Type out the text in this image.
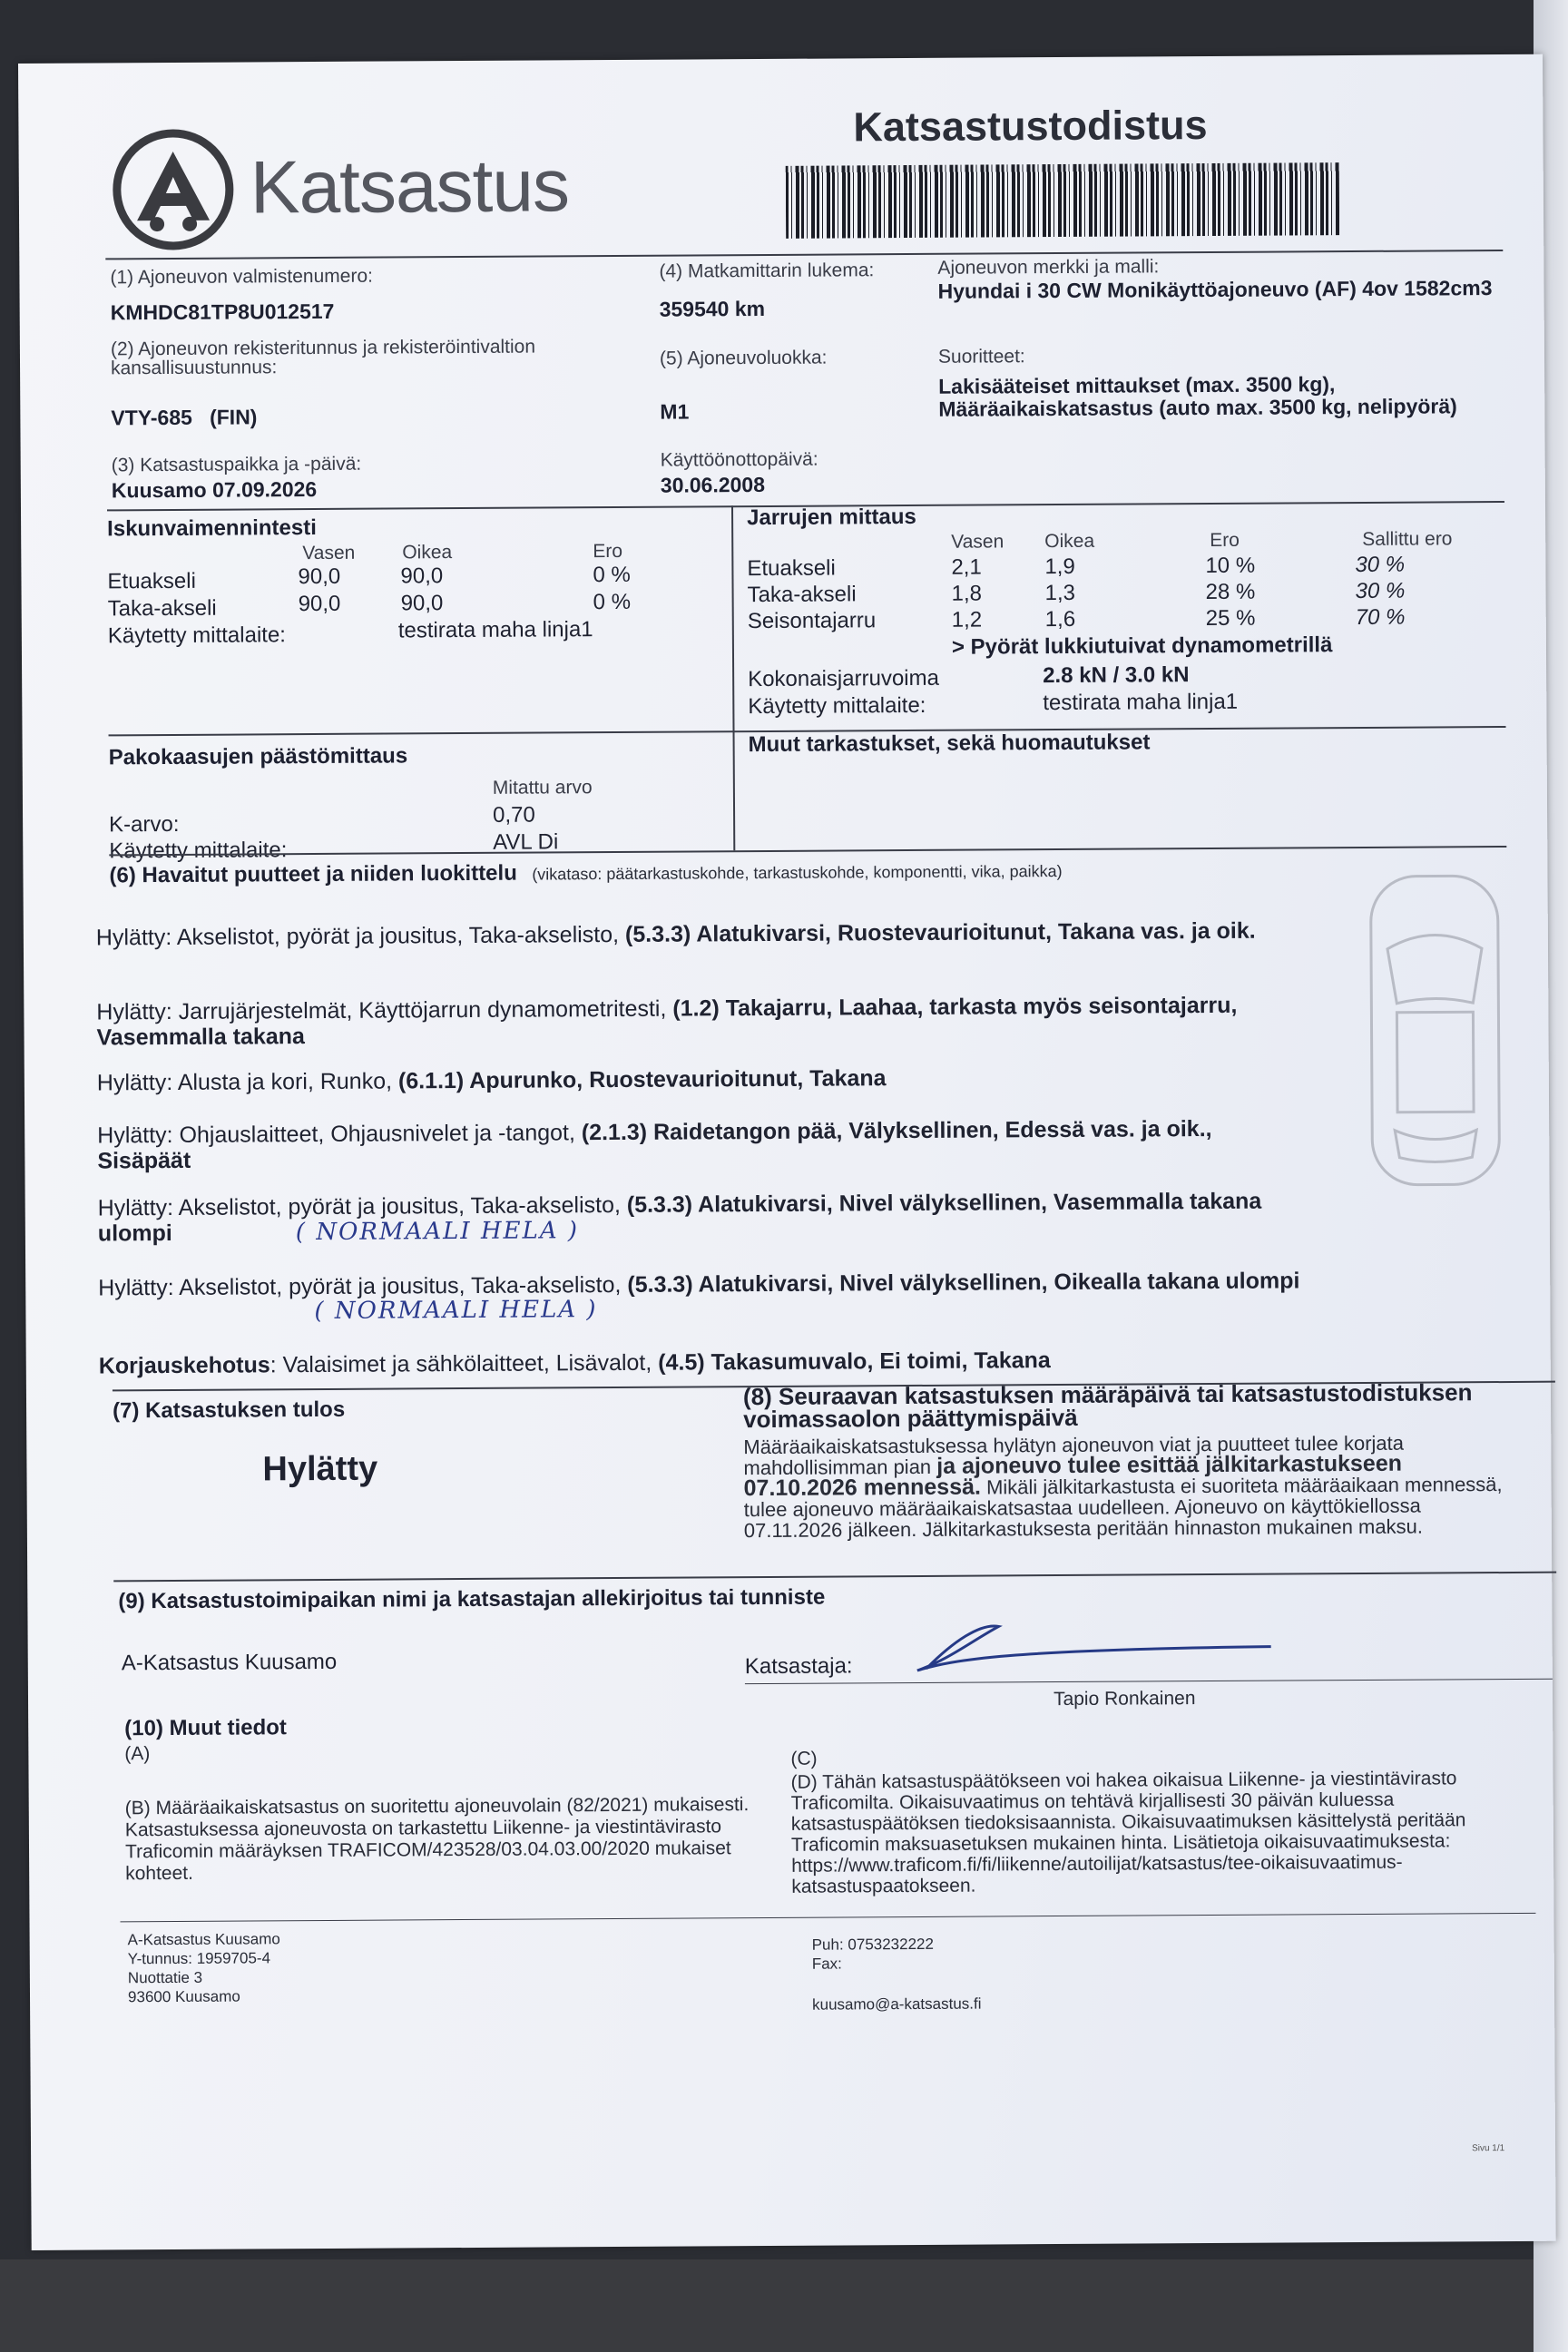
Katsastus
Katsastustodistus
(1) Ajoneuvon valmistenumero:
KMHDC81TP8U012517
(2) Ajoneuvon rekisteritunnus ja rekisteröintivaltion kansallisuustunnus:
VTY-685   (FIN)
(3) Katsastuspaikka ja -päivä:
Kuusamo 07.09.2026
(4) Matkamittarin lukema:
359540 km
(5) Ajoneuvoluokka:
M1
Käyttöönottopäivä:
30.06.2008
Ajoneuvon merkki ja malli:
Hyundai i 30 CW Monikäyttöajoneuvo (AF) 4ov 1582cm3
Suoritteet:
Lakisääteiset mittaukset (max. 3500 kg), Määräaikaiskatsastus (auto max. 3500 kg, nelipyörä)
Iskunvaimennintesti
Vasen Oikea	Ero
Etuakseli	90,0	90,0	0 %
Taka-akseli	90,0	90,0	0 %
Käytetty mittalaite:	testirata maha linja1
Jarrujen mittaus
Vasen Oikea	Ero	Sallittu ero
Etuakseli	2,1	1,9	10 %	30 %
Taka-akseli	1,8	1,3	28 %	30 %
Seisontajarru	1,2	1,6	25 %	70 %
> Pyörät lukkiutuivat dynamometrillä
Kokonaisjarruvoima	2.8 kN / 3.0 kN
Käytetty mittalaite:	testirata maha linja1
Pakokaasujen päästömittaus
Mitattu arvo
K-arvo:	0,70
Käytetty mittalaite:	AVL Di
Muut tarkastukset, sekä huomautukset
(6) Havaitut puutteet ja niiden luokittelu (vikataso: päätarkastuskohde, tarkastuskohde, komponentti, vika, paikka)
Hylätty: Akselistot, pyörät ja jousitus, Taka-akselisto, (5.3.3) Alatukivarsi, Ruostevaurioitunut, Takana vas. ja oik.
Hylätty: Jarrujärjestelmät, Käyttöjarrun dynamometritesti, (1.2) Takajarru, Laahaa, tarkasta myös seisontajarru, Vasemmalla takana
Hylätty: Alusta ja kori, Runko, (6.1.1) Apurunko, Ruostevaurioitunut, Takana
Hylätty: Ohjauslaitteet, Ohjausnivelet ja -tangot, (2.1.3) Raidetangon pää, Välyksellinen, Edessä vas. ja oik., Sisäpäät
Hylätty: Akselistot, pyörät ja jousitus, Taka-akselisto, (5.3.3) Alatukivarsi, Nivel välyksellinen, Vasemmalla takana ulompi	( NORMAALI HELA )
Hylätty: Akselistot, pyörät ja jousitus, Taka-akselisto, (5.3.3) Alatukivarsi, Nivel välyksellinen, Oikealla takana ulompi
( NORMAALI HELA )
Korjauskehotus: Valaisimet ja sähkölaitteet, Lisävalot, (4.5) Takasumuvalo, Ei toimi, Takana
(7) Katsastuksen tulos
Hylätty
(8) Seuraavan katsastuksen määräpäivä tai katsastustodistuksen voimassaolon päättymispäivä
Määräaikaiskatsastuksessa hylätyn ajoneuvon viat ja puutteet tulee korjata mahdollisimman pian ja ajoneuvo tulee esittää jälkitarkastukseen 07.10.2026 mennessä. Mikäli jälkitarkastusta ei suoriteta määräaikaan mennessä, tulee ajoneuvo määräaikaiskatsastaa uudelleen. Ajoneuvo on käyttökiellossa 07.11.2026 jälkeen. Jälkitarkastuksesta peritään hinnaston mukainen maksu.
(9) Katsastustoimipaikan nimi ja katsastajan allekirjoitus tai tunniste
A-Katsastus Kuusamo	Katsastaja:
Tapio Ronkainen
(10) Muut tiedot
(A)
(B) Määräaikaiskatsastus on suoritettu ajoneuvolain (82/2021) mukaisesti. Katsastuksessa ajoneuvosta on tarkastettu Liikenne- ja viestintävirasto Traficomin määräyksen TRAFICOM/423528/03.04.03.00/2020 mukaiset kohteet.
(C)
(D) Tähän katsastuspäätökseen voi hakea oikaisua Liikenne- ja viestintävirasto Traficomilta. Oikaisuvaatimus on tehtävä kirjallisesti 30 päivän kuluessa katsastuspäätöksen tiedoksisaannista. Oikaisuvaatimuksen käsittelystä peritään Traficomin maksuasetuksen mukainen hinta. Lisätietoja oikaisuvaatimuksesta: https://www.traficom.fi/fi/liikenne/autoilijat/katsastus/tee-oikaisuvaatimus-katsastuspaatokseen.
A-Katsastus Kuusamo
Y-tunnus: 1959705-4
Nuottatie 3
93600 Kuusamo
Puh: 0753232222
Fax:
kuusamo@a-katsastus.fi
Sivu 1/1
